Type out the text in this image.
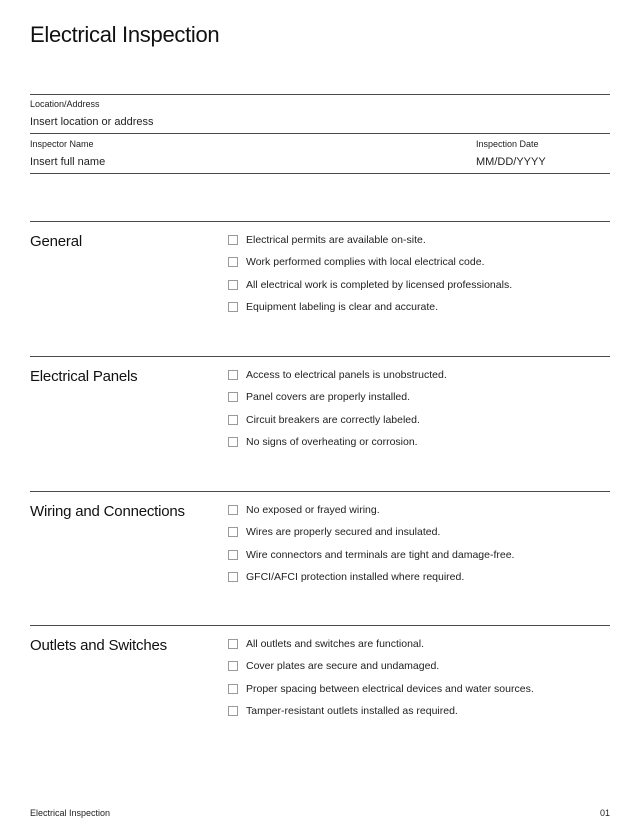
Electrical Inspection
Location/Address
Insert location or address
Inspector Name
Insert full name
Inspection Date
MM/DD/YYYY
General	Electrical permits are available on-site.
Work performed complies with local electrical code.
All electrical work is completed by licensed professionals.
Equipment labeling is clear and accurate.
Electrical Panels	Access to electrical panels is unobstructed.
Panel covers are properly installed.
Circuit breakers are correctly labeled.
No signs of overheating or corrosion.
Wiring and Connections	No exposed or frayed wiring.
Wires are properly secured and insulated.
Wire connectors and terminals are tight and damage-free.
GFCI/AFCI protection installed where required.
Outlets and Switches	All outlets and switches are functional.
Cover plates are secure and undamaged.
Proper spacing between electrical devices and water sources.
Tamper-resistant outlets installed as required.
Electrical Inspection	01
